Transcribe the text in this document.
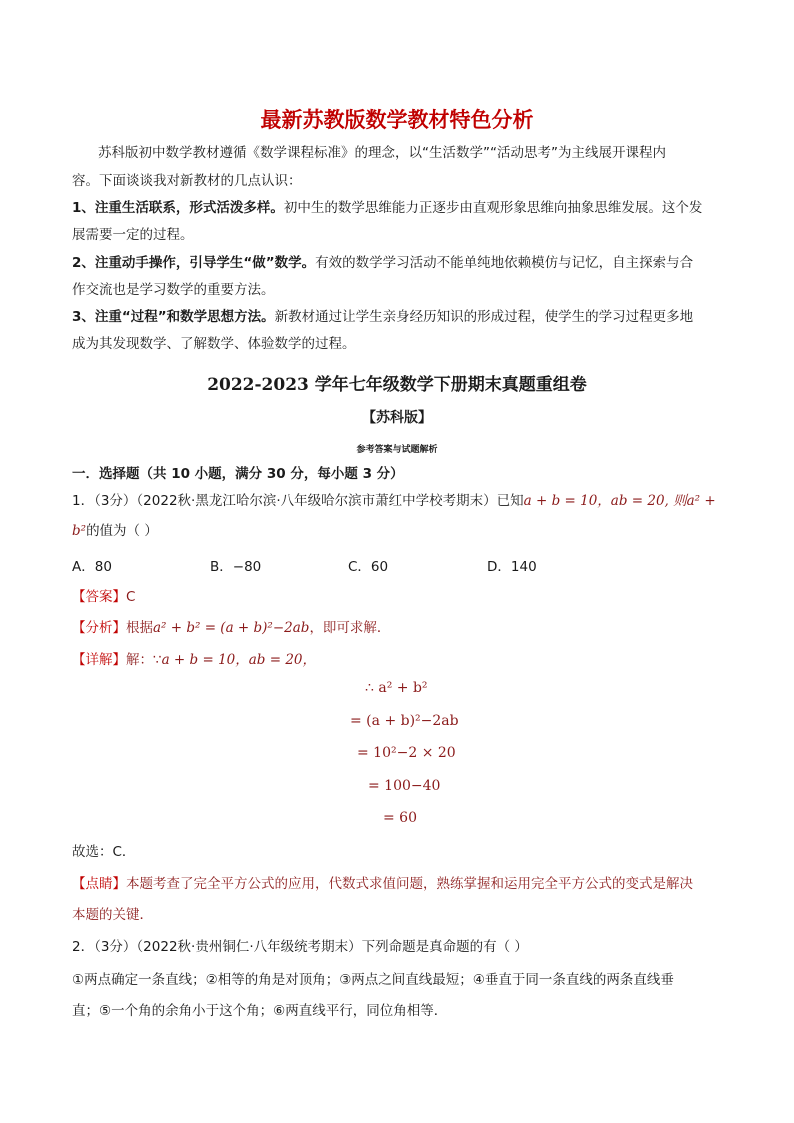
最新苏教版数学教材特色分析
苏科版初中数学教材遵循《数学课程标准》的理念，以“生活数学”“活动思考”为主线展开课程内
容。下面谈谈我对新教材的几点认识：
1、注重生活联系，形式活泼多样。初中生的数学思维能力正逐步由直观形象思维向抽象思维发展。这个发
展需要一定的过程。
2、注重动手操作，引导学生“做”数学。有效的数学学习活动不能单纯地依赖模仿与记忆，自主探索与合
作交流也是学习数学的重要方法。
3、注重“过程”和数学思想方法。新教材通过让学生亲身经历知识的形成过程，使学生的学习过程更多地
成为其发现数学、了解数学、体验数学的过程。
2022-2023 学年七年级数学下册期末真题重组卷
【苏科版】
参考答案与试题解析
一．选择题（共 10 小题，满分 30 分，每小题 3 分）
1．（3分）（2022秋·黑龙江哈尔滨·八年级哈尔滨市萧红中学校考期末）已知a + b = 10，ab = 20, 则a² +
b²的值为（ ）
A．80	B．−80	C．60	D．140
【答案】C
【分析】根据a² + b² = (a + b)²−2ab，即可求解．
【详解】解：∵a + b = 10，ab = 20，
∴ a² + b²
= (a + b)²−2ab
= 10²−2 × 20
= 100−40
= 60
故选：C．
【点睛】本题考查了完全平方公式的应用，代数式求值问题，熟练掌握和运用完全平方公式的变式是解决
本题的关键．
2．（3分）（2022秋·贵州铜仁·八年级统考期末）下列命题是真命题的有（ ）
①两点确定一条直线；②相等的角是对顶角；③两点之间直线最短；④垂直于同一条直线的两条直线垂
直；⑤一个角的余角小于这个角；⑥两直线平行，同位角相等．
